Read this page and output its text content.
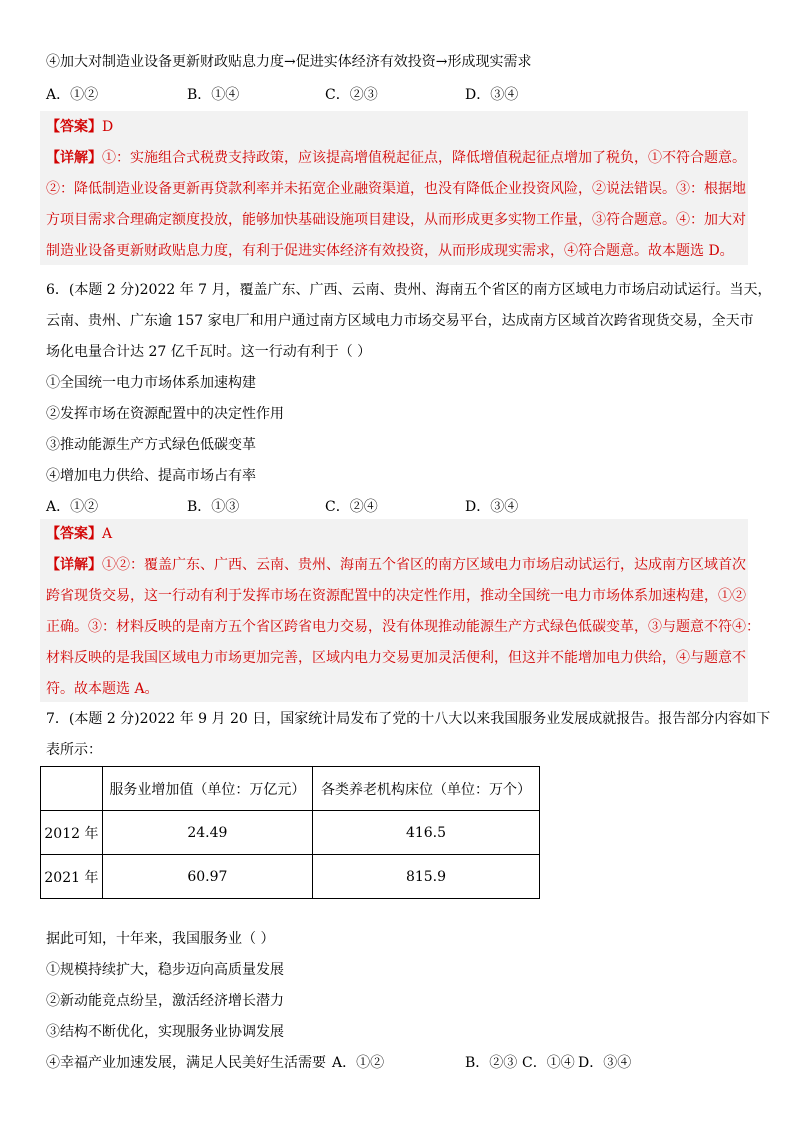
④加大对制造业设备更新财政贴息力度→促进实体经济有效投资→形成现实需求
A．①②	B．①④	C．②③	D．③④
【答案】D
【详解】①：实施组合式税费支持政策，应该提高增值税起征点，降低增值税起征点增加了税负，①不符合题意。
②：降低制造业设备更新再贷款利率并未拓宽企业融资渠道，也没有降低企业投资风险，②说法错误。③：根据地
方项目需求合理确定额度投放，能够加快基础设施项目建设，从而形成更多实物工作量，③符合题意。④：加大对
制造业设备更新财政贴息力度，有利于促进实体经济有效投资，从而形成现实需求，④符合题意。故本题选 D。
6．(本题 2 分)2022 年 7 月，覆盖广东、广西、云南、贵州、海南五个省区的南方区域电力市场启动试运行。当天，
云南、贵州、广东逾 157 家电厂和用户通过南方区域电力市场交易平台，达成南方区域首次跨省现货交易，全天市
场化电量合计达 27 亿千瓦时。这一行动有利于（ ）
①全国统一电力市场体系加速构建
②发挥市场在资源配置中的决定性作用
③推动能源生产方式绿色低碳变革
④增加电力供给、提高市场占有率
A．①②	B．①③	C．②④	D．③④
【答案】A
【详解】①②：覆盖广东、广西、云南、贵州、海南五个省区的南方区域电力市场启动试运行，达成南方区域首次
跨省现货交易，这一行动有利于发挥市场在资源配置中的决定性作用，推动全国统一电力市场体系加速构建，①②
正确。③：材料反映的是南方五个省区跨省电力交易，没有体现推动能源生产方式绿色低碳变革，③与题意不符④：
材料反映的是我国区域电力市场更加完善，区域内电力交易更加灵活便利，但这并不能增加电力供给，④与题意不
符。故本题选 A。
7．(本题 2 分)2022 年 9 月 20 日，国家统计局发布了党的十八大以来我国服务业发展成就报告。报告部分内容如下
表所示：
	服务业增加值（单位：万亿元）	各类养老机构床位（单位：万个）
2012 年	24.49	416.5
2021 年	60.97	815.9
据此可知，十年来，我国服务业（ ）
①规模持续扩大，稳步迈向高质量发展
②新动能竞点纷呈，激活经济增长潜力
③结构不断优化，实现服务业协调发展
④幸福产业加速发展，满足人民美好生活需要 A．①②	B．②③ C．①④ D．③④
